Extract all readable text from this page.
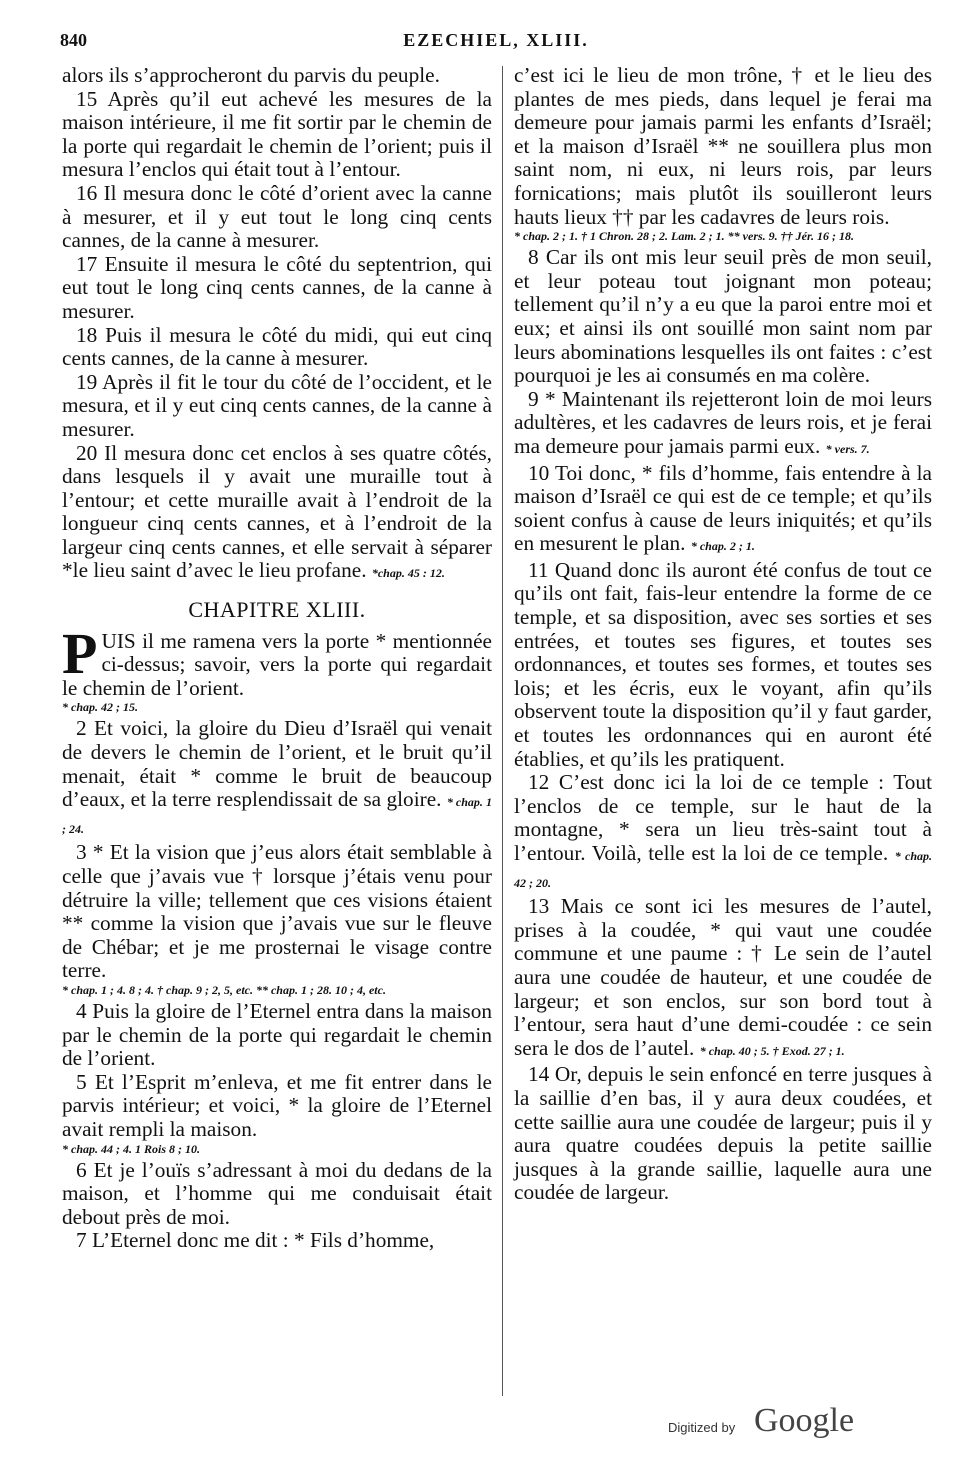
840	EZECHIEL, XLIII.

alors ils s’approcheront du parvis du peuple.

15 Après qu’il eut achevé les mesures de la maison intérieure, il me fit sortir par le chemin de la porte qui regardait le chemin de l’orient; puis il mesura l’enclos qui était tout à l’entour.

16 Il mesura donc le côté d’orient avec la canne à mesurer, et il y eut tout le long cinq cents cannes, de la canne à mesurer.

17 Ensuite il mesura le côté du septentrion, qui eut tout le long cinq cents cannes, de la canne à mesurer.

18 Puis il mesura le côté du midi, qui eut cinq cents cannes, de la canne à mesurer.

19 Après il fit le tour du côté de l’occident, et le mesura, et il y eut cinq cents cannes, de la canne à mesurer.

20 Il mesura donc cet enclos à ses quatre côtés, dans lesquels il y avait une muraille tout à l’entour; et cette muraille avait à l’endroit de la longueur cinq cents cannes, et à l’endroit de la largeur cinq cents cannes, et elle servait à séparer *le lieu saint d’avec le lieu profane. *chap. 45 : 12.

CHAPITRE XLIII.

PUIS il me ramena vers la porte * mentionnée ci-dessus; savoir, vers la porte qui regardait le chemin de l’orient.

* chap. 42 ; 15.

2 Et voici, la gloire du Dieu d’Israël qui venait de devers le chemin de l’orient, et le bruit qu’il menait, était * comme le bruit de beaucoup d’eaux, et la terre resplendissait de sa gloire. * chap. 1 ; 24.

3 * Et la vision que j’eus alors était semblable à celle que j’avais vue † lorsque j’étais venu pour détruire la ville; tellement que ces visions étaient ** comme la vision que j’avais vue sur le fleuve de Chébar; et je me prosternai le visage contre terre.

* chap. 1 ; 4. 8 ; 4. † chap. 9 ; 2, 5, etc. ** chap. 1 ; 28. 10 ; 4, etc.

4 Puis la gloire de l’Eternel entra dans la maison par le chemin de la porte qui regardait le chemin de l’orient.

5 Et l’Esprit m’enleva, et me fit entrer dans le parvis intérieur; et voici, * la gloire de l’Eternel avait rempli la maison.

* chap. 44 ; 4. 1 Rois 8 ; 10.

6 Et je l’ouïs s’adressant à moi du dedans de la maison, et l’homme qui me conduisait était debout près de moi.

7 L’Eternel donc me dit : * Fils d’homme,

c’est ici le lieu de mon trône, † et le lieu des plantes de mes pieds, dans lequel je ferai ma demeure pour jamais parmi les enfants d’Israël; et la maison d’Israël ** ne souillera plus mon saint nom, ni eux, ni leurs rois, par leurs fornications; mais plutôt ils souilleront leurs hauts lieux †† par les cadavres de leurs rois.

* chap. 2 ; 1. † 1 Chron. 28 ; 2. Lam. 2 ; 1. ** vers. 9. †† Jér. 16 ; 18.

8 Car ils ont mis leur seuil près de mon seuil, et leur poteau tout joignant mon poteau; tellement qu’il n’y a eu que la paroi entre moi et eux; et ainsi ils ont souillé mon saint nom par leurs abominations lesquelles ils ont faites : c’est pourquoi je les ai consumés en ma colère.

9 * Maintenant ils rejetteront loin de moi leurs adultères, et les cadavres de leurs rois, et je ferai ma demeure pour jamais parmi eux. * vers. 7.

10 Toi donc, * fils d’homme, fais entendre à la maison d’Israël ce qui est de ce temple; et qu’ils soient confus à cause de leurs iniquités; et qu’ils en mesurent le plan. * chap. 2 ; 1.

11 Quand donc ils auront été confus de tout ce qu’ils ont fait, fais-leur entendre la forme de ce temple, et sa disposition, avec ses sorties et ses entrées, et toutes ses figures, et toutes ses ordonnances, et toutes ses formes, et toutes ses lois; et les écris, eux le voyant, afin qu’ils observent toute la disposition qu’il y faut garder, et toutes les ordonnances qui en auront été établies, et qu’ils les pratiquent.

12 C’est donc ici la loi de ce temple : Tout l’enclos de ce temple, sur le haut de la montagne, * sera un lieu très-saint tout à l’entour. Voilà, telle est la loi de ce temple. * chap. 42 ; 20.

13 Mais ce sont ici les mesures de l’autel, prises à la coudée, * qui vaut une coudée commune et une paume : † Le sein de l’autel aura une coudée de hauteur, et une coudée de largeur; et son enclos, sur son bord tout à l’entour, sera haut d’une demi-coudée : ce sein sera le dos de l’autel. * chap. 40 ; 5. † Exod. 27 ; 1.

14 Or, depuis le sein enfoncé en terre jusques à la saillie d’en bas, il y aura deux coudées, et cette saillie aura une coudée de largeur; puis il y aura quatre coudées depuis la petite saillie jusques à la grande saillie, laquelle aura une coudée de largeur.

Digitized by Google
